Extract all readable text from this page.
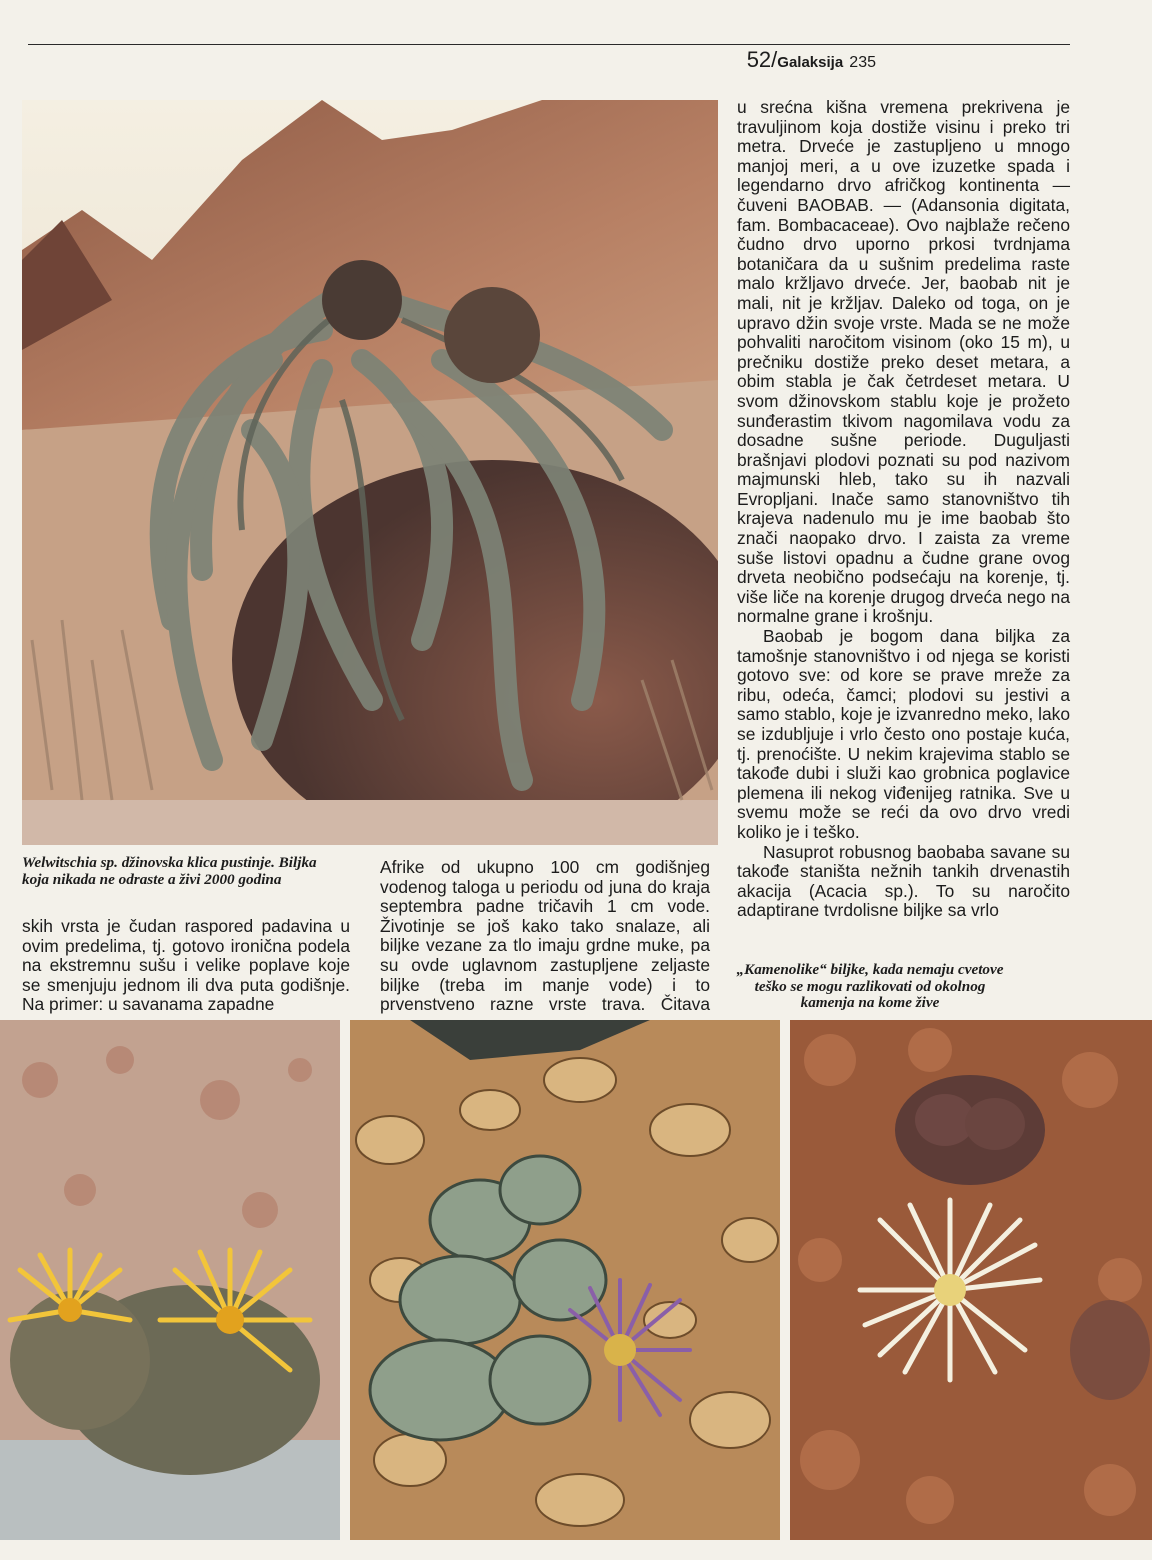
52/Galaksija 235

u srećna kišna vremena prekrivena je travuljinom koja dostiže visinu i preko tri metra. Drveće je zastupljeno u mnogo manjoj meri, a u ove izuzetke spada i legendarno drvo afričkog kontinenta — čuveni BAOBAB. — (Adansonia digitata, fam. Bombacaceae). Ovo najblaže rečeno čudno drvo uporno prkosi tvrdnjama botaničara da u sušnim predelima raste malo kržljavo drveće. Jer, baobab nit je mali, nit je kržljav. Daleko od toga, on je upravo džin svoje vrste. Mada se ne može pohvaliti naročitom visinom (oko 15 m), u prečniku dostiže preko deset metara, a obim stabla je čak četrdeset metara. U svom džinovskom stablu koje je prožeto sunđerastim tkivom nagomilava vodu za dosadne sušne periode. Duguljasti brašnjavi plodovi poznati su pod nazivom majmunski hleb, tako su ih nazvali Evropljani. Inače samo stanovništvo tih krajeva nadenulo mu je ime baobab što znači naopako drvo. I zaista za vreme suše listovi opadnu a čudne grane ovog drveta neobično podsećaju na korenje, tj. više liče na korenje drugog drveća nego na normalne grane i krošnju.

Baobab je bogom dana biljka za tamošnje stanovništvo i od njega se koristi gotovo sve: od kore se prave mreže za ribu, odeća, čamci; plodovi su jestivi a samo stablo, koje je izvanredno meko, lako se izdubljuje i vrlo često ono postaje kuća, tj. prenoćište. U nekim krajevima stablo se takođe dubi i služi kao grobnica poglavice plemena ili nekog viđenijeg ratnika. Sve u svemu može se reći da ovo drvo vredi koliko je i teško.

Nasuprot robusnog baobaba savane su takođe staništa nežnih tankih drvenastih akacija (Acacia sp.). To su naročito adaptirane tvrdolisne biljke sa vrlo

Welwitschia sp. džinovska klica pustinje. Biljka koja nikada ne odraste a živi 2000 godina

skih vrsta je čudan raspored padavina u ovim predelima, tj. gotovo ironična podela na ekstremnu sušu i velike poplave koje se smenjuju jednom ili dva puta godišnje. Na primer: u savanama zapadne

Afrike od ukupno 100 cm godišnjeg vodenog taloga u periodu od juna do kraja septembra padne tričavih 1 cm vode. Životinje se još kako tako snalaze, ali biljke vezane za tlo imaju grdne muke, pa su ovde uglavnom zastupljene zeljaste biljke (treba im manje vode) i to prvenstveno razne vrste trava. Čitava

„Kamenolike“ biljke, kada nemaju cvetove teško se mogu razlikovati od okolnog kamenja na kome žive
